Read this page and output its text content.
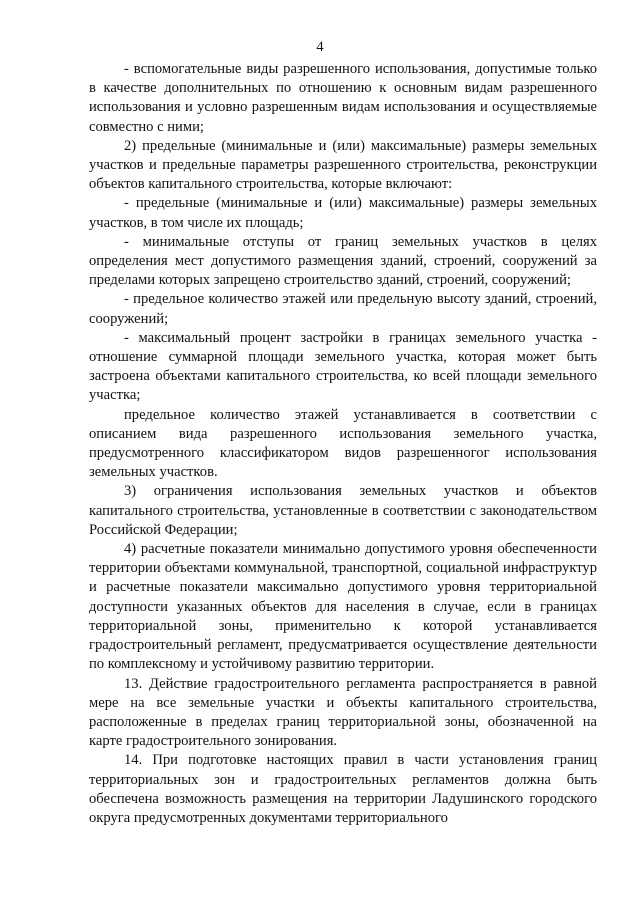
4

- вспомогательные виды разрешенного использования, допустимые только в качестве дополнительных по отношению к основным видам разрешенного использования и условно разрешенным видам использования и осуществляемые совместно с ними;

2) предельные (минимальные и (или) максимальные) размеры земельных участков и предельные параметры разрешенного строительства, реконструкции объектов капитального строительства, которые включают:

- предельные (минимальные и (или) максимальные) размеры земельных участков, в том числе их площадь;

- минимальные отступы от границ земельных участков в целях определения мест допустимого размещения зданий, строений, сооружений за пределами которых запрещено строительство зданий, строений, сооружений;

- предельное количество этажей или предельную высоту зданий, строений, сооружений;

- максимальный процент застройки в границах земельного участка - отношение суммарной площади земельного участка, которая может быть застроена объектами капитального строительства, ко всей площади земельного участка;

предельное количество этажей устанавливается в соответствии с описанием вида разрешенного использования земельного участка, предусмотренного классификатором видов разрешенногог использования земельных участков.

3) ограничения использования земельных участков и объектов капитального строительства, установленные в соответствии с законодательством Российской Федерации;

4) расчетные показатели минимально допустимого уровня обеспеченности территории объектами коммунальной, транспортной, социальной инфраструктур и расчетные показатели максимально допустимого уровня территориальной доступности указанных объектов для населения в случае, если в границах территориальной зоны, применительно к которой устанавливается градостроительный регламент, предусматривается осуществление деятельности по комплексному и устойчивому развитию территории.

13. Действие градостроительного регламента распространяется в равной мере на все земельные участки и объекты капитального строительства, расположенные в пределах границ территориальной зоны, обозначенной на карте градостроительного зонирования.

14. При подготовке настоящих правил в части установления границ территориальных зон и градостроительных регламентов должна быть обеспечена возможность размещения на территории Ладушинского городского округа предусмотренных документами территориального
